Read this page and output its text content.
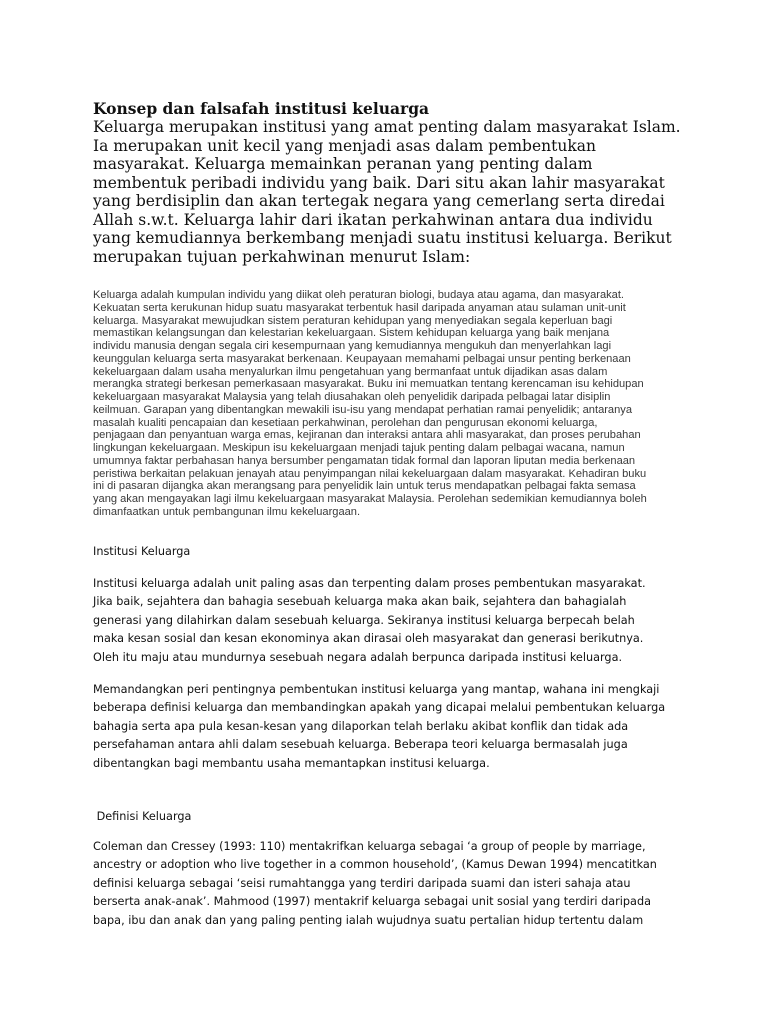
Konsep dan falsafah institusi keluarga
Keluarga merupakan institusi yang amat penting dalam masyarakat Islam.
Ia merupakan unit kecil yang menjadi asas dalam pembentukan
masyarakat. Keluarga memainkan peranan yang penting dalam
membentuk peribadi individu yang baik. Dari situ akan lahir masyarakat
yang berdisiplin dan akan tertegak negara yang cemerlang serta diredai
Allah s.w.t. Keluarga lahir dari ikatan perkahwinan antara dua individu
yang kemudiannya berkembang menjadi suatu institusi keluarga. Berikut
merupakan tujuan perkahwinan menurut Islam:
Keluarga adalah kumpulan individu yang diikat oleh peraturan biologi, budaya atau agama, dan masyarakat.
Kekuatan serta kerukunan hidup suatu masyarakat terbentuk hasil daripada anyaman atau sulaman unit-unit
keluarga. Masyarakat mewujudkan sistem peraturan kehidupan yang menyediakan segala keperluan bagi
memastikan kelangsungan dan kelestarian kekeluargaan. Sistem kehidupan keluarga yang baik menjana
individu manusia dengan segala ciri kesempurnaan yang kemudiannya mengukuh dan menyerlahkan lagi
keunggulan keluarga serta masyarakat berkenaan. Keupayaan memahami pelbagai unsur penting berkenaan
kekeluargaan dalam usaha menyalurkan ilmu pengetahuan yang bermanfaat untuk dijadikan asas dalam
merangka strategi berkesan pemerkasaan masyarakat. Buku ini memuatkan tentang kerencaman isu kehidupan
kekeluargaan masyarakat Malaysia yang telah diusahakan oleh penyelidik daripada pelbagai latar disiplin
keilmuan. Garapan yang dibentangkan mewakili isu-isu yang mendapat perhatian ramai penyelidik; antaranya
masalah kualiti pencapaian dan kesetiaan perkahwinan, perolehan dan pengurusan ekonomi keluarga,
penjagaan dan penyantuan warga emas, kejiranan dan interaksi antara ahli masyarakat, dan proses perubahan
lingkungan kekeluargaan. Meskipun isu kekeluargaan menjadi tajuk penting dalam pelbagai wacana, namun
umumnya faktar perbahasan hanya bersumber pengamatan tidak formal dan laporan liputan media berkenaan
peristiwa berkaitan pelakuan jenayah atau penyimpangan nilai kekeluargaan dalam masyarakat. Kehadiran buku
ini di pasaran dijangka akan merangsang para penyelidik lain untuk terus mendapatkan pelbagai fakta semasa
yang akan mengayakan lagi ilmu kekeluargaan masyarakat Malaysia. Perolehan sedemikian kemudiannya boleh
dimanfaatkan untuk pembangunan ilmu kekeluargaan.
Institusi Keluarga
Institusi keluarga adalah unit paling asas dan terpenting dalam proses pembentukan masyarakat.
Jika baik, sejahtera dan bahagia sesebuah keluarga maka akan baik, sejahtera dan bahagialah
generasi yang dilahirkan dalam sesebuah keluarga. Sekiranya institusi keluarga berpecah belah
maka kesan sosial dan kesan ekonominya akan dirasai oleh masyarakat dan generasi berikutnya.
Oleh itu maju atau mundurnya sesebuah negara adalah berpunca daripada institusi keluarga.
Memandangkan peri pentingnya pembentukan institusi keluarga yang mantap, wahana ini mengkaji
beberapa definisi keluarga dan membandingkan apakah yang dicapai melalui pembentukan keluarga
bahagia serta apa pula kesan-kesan yang dilaporkan telah berlaku akibat konflik dan tidak ada
persefahaman antara ahli dalam sesebuah keluarga. Beberapa teori keluarga bermasalah juga
dibentangkan bagi membantu usaha memantapkan institusi keluarga.
Definisi Keluarga
Coleman dan Cressey (1993: 110) mentakrifkan keluarga sebagai ‘a group of people by marriage,
ancestry or adoption who live together in a common household’, (Kamus Dewan 1994) mencatitkan
definisi keluarga sebagai ‘seisi rumahtangga yang terdiri daripada suami dan isteri sahaja atau
berserta anak-anak’. Mahmood (1997) mentakrif keluarga sebagai unit sosial yang terdiri daripada
bapa, ibu dan anak dan yang paling penting ialah wujudnya suatu pertalian hidup tertentu dalam
